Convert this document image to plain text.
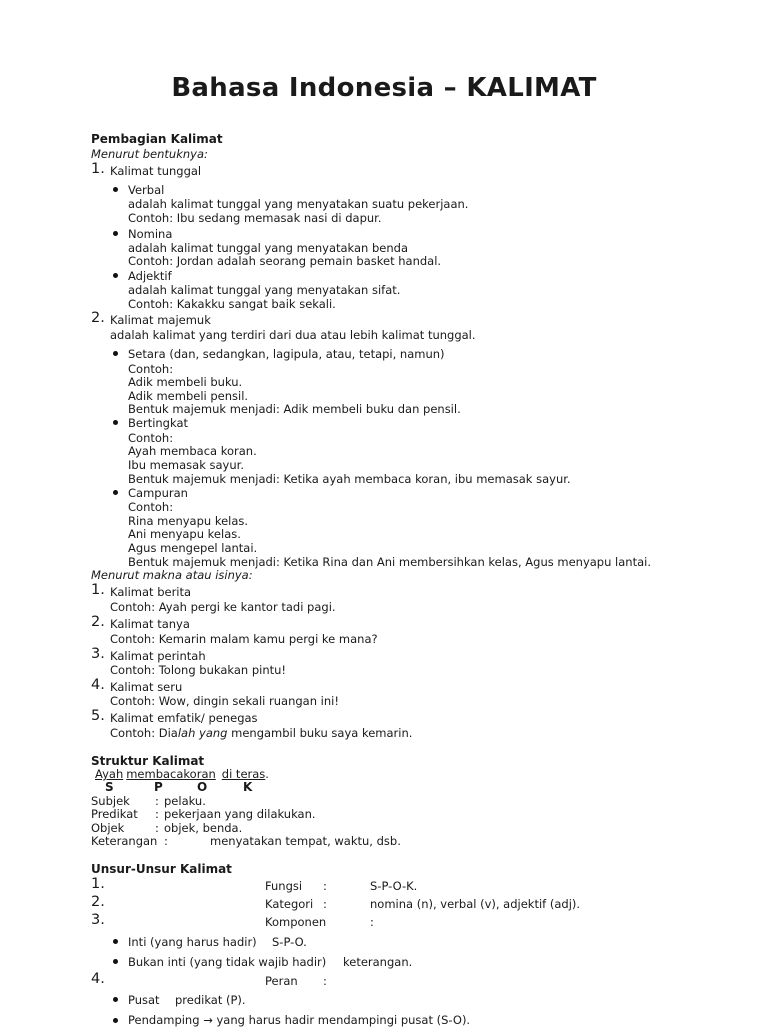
Bahasa Indonesia – KALIMAT
Pembagian Kalimat
Menurut bentuknya:
1. Kalimat tunggal
Verbal
adalah kalimat tunggal yang menyatakan suatu pekerjaan.
Contoh: Ibu sedang memasak nasi di dapur.
Nomina
adalah kalimat tunggal yang menyatakan benda
Contoh: Jordan adalah seorang pemain basket handal.
Adjektif
adalah kalimat tunggal yang menyatakan sifat.
Contoh: Kakakku sangat baik sekali.
2. Kalimat majemuk
adalah kalimat yang terdiri dari dua atau lebih kalimat tunggal.
Setara (dan, sedangkan, lagipula, atau, tetapi, namun)
Contoh:
Adik membeli buku.
Adik membeli pensil.
Bentuk majemuk menjadi: Adik membeli buku dan pensil.
Bertingkat
Contoh:
Ayah membaca koran.
Ibu memasak sayur.
Bentuk majemuk menjadi: Ketika ayah membaca koran, ibu memasak sayur.
Campuran
Contoh:
Rina menyapu kelas.
Ani menyapu kelas.
Agus mengepel lantai.
Bentuk majemuk menjadi: Ketika Rina dan Ani membersihkan kelas, Agus menyapu lantai.
Menurut makna atau isinya:
1. Kalimat berita
Contoh: Ayah pergi ke kantor tadi pagi.
2. Kalimat tanya
Contoh: Kemarin malam kamu pergi ke mana?
3. Kalimat perintah
Contoh: Tolong bukakan pintu!
4. Kalimat seru
Contoh: Wow, dingin sekali ruangan ini!
5. Kalimat emfatik/ penegas
Contoh: Dialah yang mengambil buku saya kemarin.
Struktur Kalimat
Ayah membacakoran di teras.
S	P	O	K
Subjek : pelaku.
Predikat : pekerjaan yang dilakukan.
Objek	: objek, benda.
Keterangan :	menyatakan tempat, waktu, dsb.
Unsur-Unsur Kalimat
1.	Fungsi :	S-P-O-K.
2.	Kategori :	nomina (n), verbal (v), adjektif (adj).
3.	Komponen	:
Inti (yang harus hadir) S-P-O.
Bukan inti (yang tidak wajib hadir) keterangan.
4.	Peran :
Pusat predikat (P).
Pendamping → yang harus hadir mendampingi pusat (S-O).
